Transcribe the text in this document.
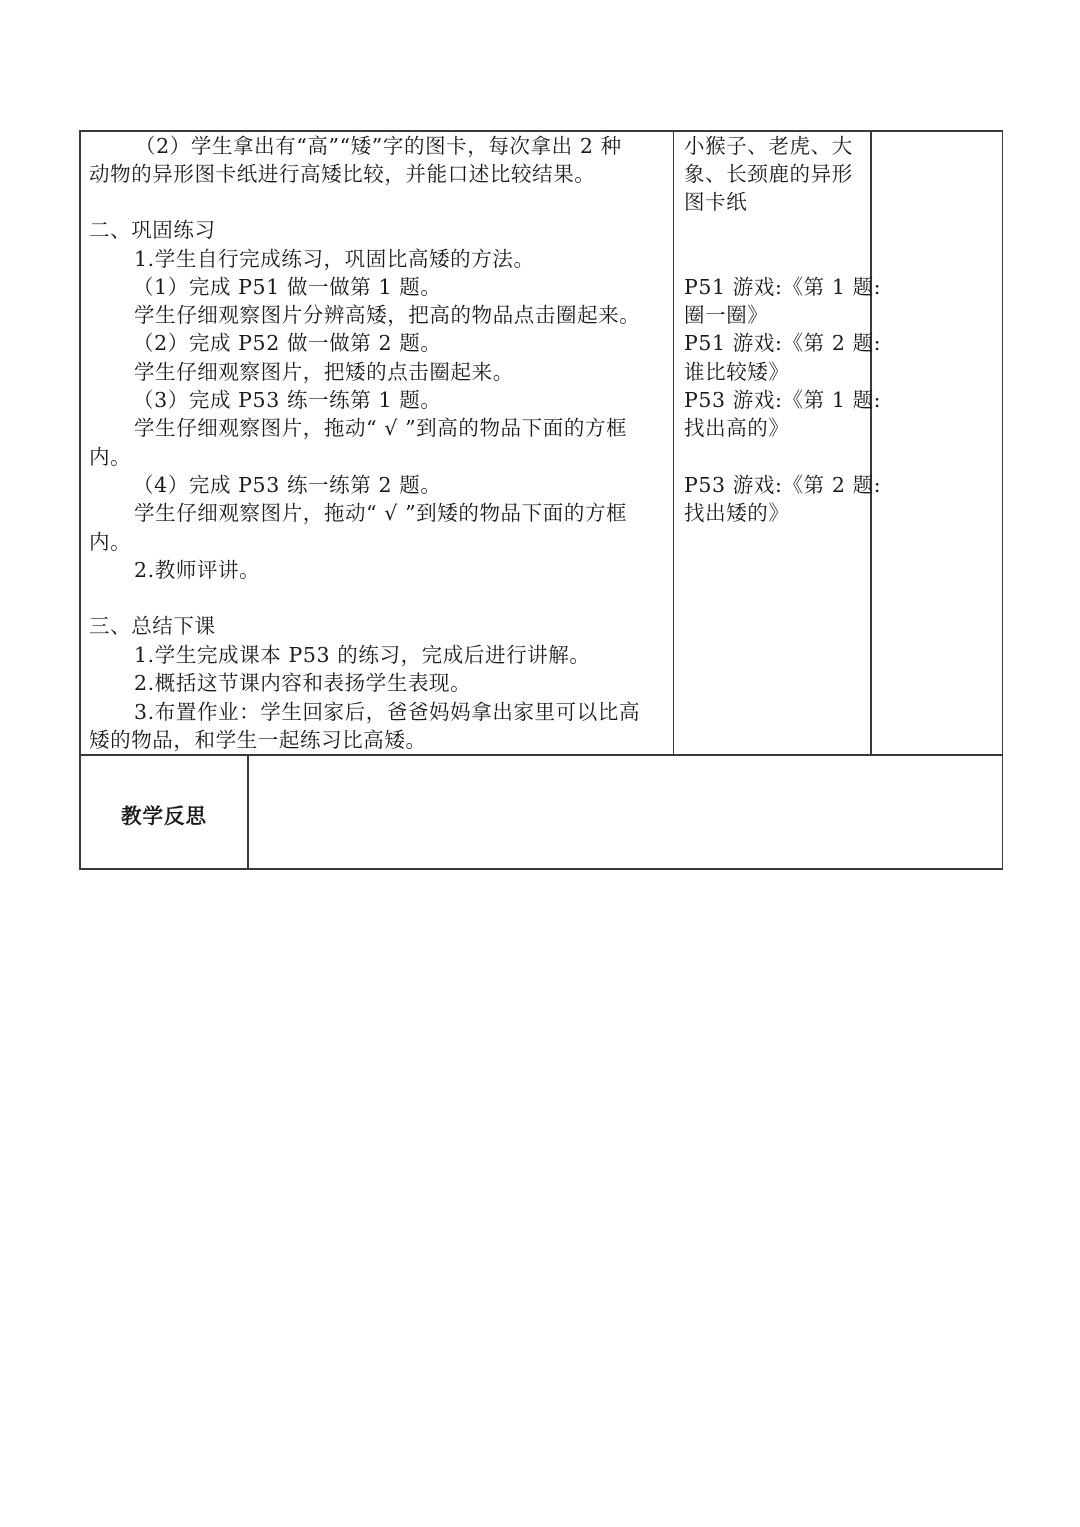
（2）学生拿出有“高”“矮”字的图卡，每次拿出 2 种
动物的异形图卡纸进行高矮比较，并能口述比较结果。
二、巩固练习
1.学生自行完成练习，巩固比高矮的方法。
（1）完成 P51 做一做第 1 题。
学生仔细观察图片分辨高矮，把高的物品点击圈起来。
（2）完成 P52 做一做第 2 题。
学生仔细观察图片，把矮的点击圈起来。
（3）完成 P53 练一练第 1 题。
学生仔细观察图片，拖动“ √ ”到高的物品下面的方框
内。
（4）完成 P53 练一练第 2 题。
学生仔细观察图片，拖动“ √ ”到矮的物品下面的方框
内。
2.教师评讲。
三、总结下课
1.学生完成课本 P53 的练习，完成后进行讲解。
2.概括这节课内容和表扬学生表现。
3.布置作业：学生回家后，爸爸妈妈拿出家里可以比高
矮的物品，和学生一起练习比高矮。
小猴子、老虎、大
象、长颈鹿的异形
图卡纸
P51 游戏:《第 1 题:
圈一圈》
P51 游戏:《第 2 题:
谁比较矮》
P53 游戏:《第 1 题:
找出高的》
P53 游戏:《第 2 题:
找出矮的》
教学反思
